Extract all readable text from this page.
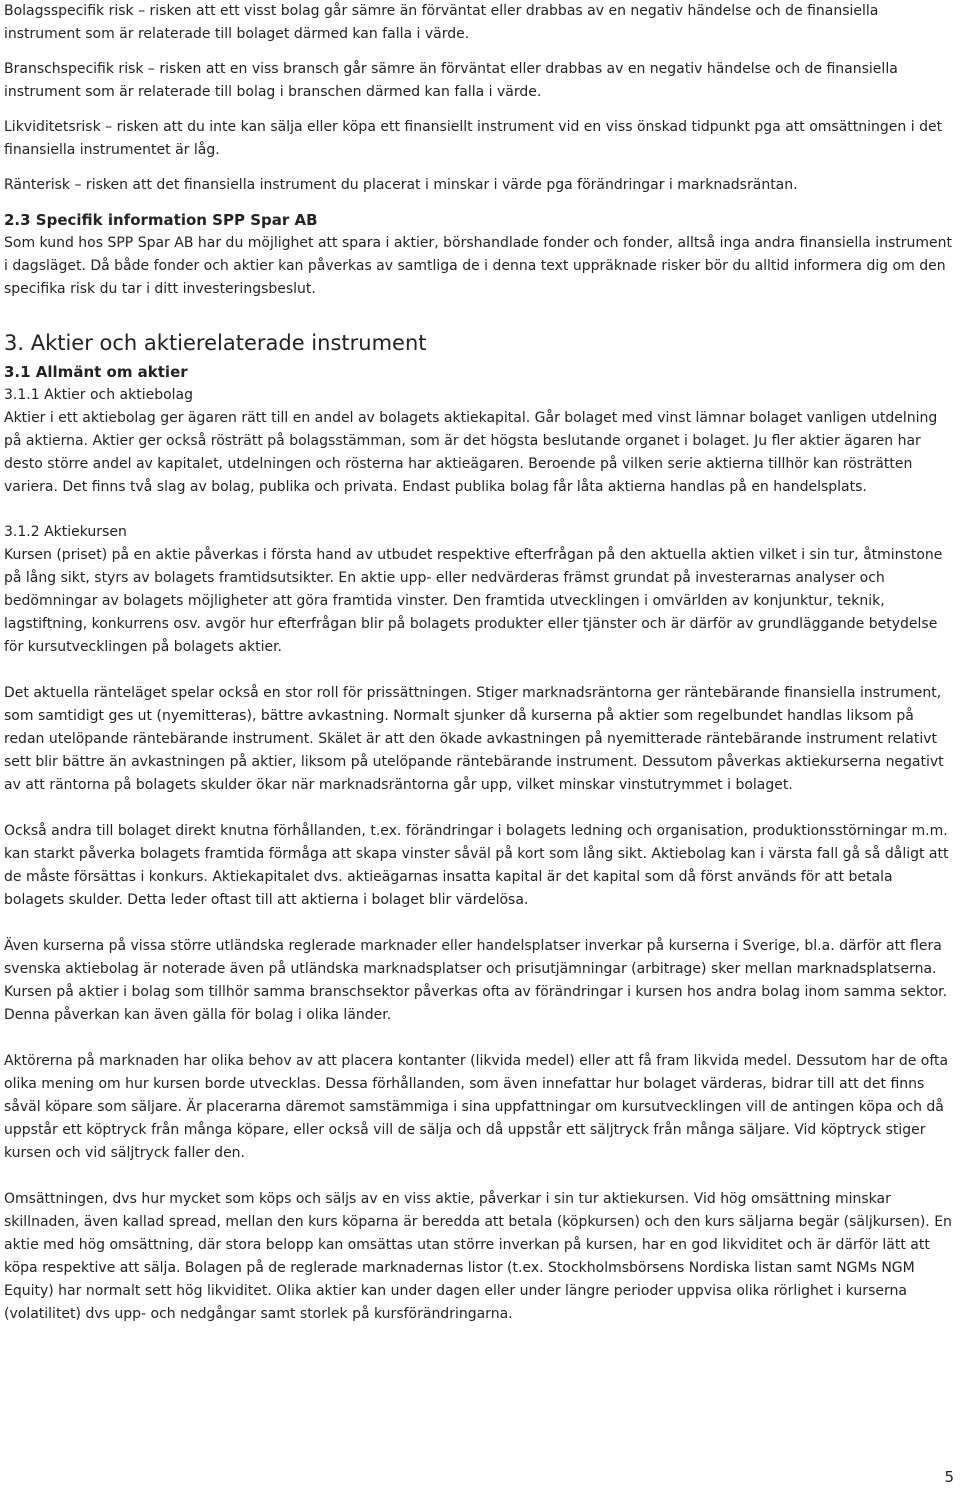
Bolagsspecifik risk – risken att ett visst bolag går sämre än förväntat eller drabbas av en negativ händelse och de finansiella instrument som är relaterade till bolaget därmed kan falla i värde.

Branschspecifik risk – risken att en viss bransch går sämre än förväntat eller drabbas av en negativ händelse och de finansiella instrument som är relaterade till bolag i branschen därmed kan falla i värde.

Likviditetsrisk – risken att du inte kan sälja eller köpa ett finansiellt instrument vid en viss önskad tidpunkt pga att omsättningen i det finansiella instrumentet är låg.

Ränterisk – risken att det finansiella instrument du placerat i minskar i värde pga förändringar i marknadsräntan.

2.3 Specifik information SPP Spar AB

Som kund hos SPP Spar AB har du möjlighet att spara i aktier, börshandlade fonder och fonder, alltså inga andra finansiella instrument i dagsläget. Då både fonder och aktier kan påverkas av samtliga de i denna text uppräknade risker bör du alltid informera dig om den specifika risk du tar i ditt investeringsbeslut.

3. Aktier och aktierelaterade instrument
3.1 Allmänt om aktier
3.1.1 Aktier och aktiebolag

Aktier i ett aktiebolag ger ägaren rätt till en andel av bolagets aktiekapital. Går bolaget med vinst lämnar bolaget vanligen utdelning på aktierna. Aktier ger också rösträtt på bolagsstämman, som är det högsta beslutande organet i bolaget. Ju fler aktier ägaren har desto större andel av kapitalet, utdelningen och rösterna har aktieägaren. Beroende på vilken serie aktierna tillhör kan rösträtten variera. Det finns två slag av bolag, publika och privata. Endast publika bolag får låta aktierna handlas på en handelsplats.

3.1.2 Aktiekursen

Kursen (priset) på en aktie påverkas i första hand av utbudet respektive efterfrågan på den aktuella aktien vilket i sin tur, åtminstone på lång sikt, styrs av bolagets framtidsutsikter. En aktie upp- eller nedvärderas främst grundat på investerarnas analyser och bedömningar av bolagets möjligheter att göra framtida vinster. Den framtida utvecklingen i omvärlden av konjunktur, teknik, lagstiftning, konkurrens osv. avgör hur efterfrågan blir på bolagets produkter eller tjänster och är därför av grundläggande betydelse för kursutvecklingen på bolagets aktier.

Det aktuella ränteläget spelar också en stor roll för prissättningen. Stiger marknadsräntorna ger räntebärande finansiella instrument, som samtidigt ges ut (nyemitteras), bättre avkastning. Normalt sjunker då kurserna på aktier som regelbundet handlas liksom på redan utelöpande räntebärande instrument. Skälet är att den ökade avkastningen på nyemitterade räntebärande instrument relativt sett blir bättre än avkastningen på aktier, liksom på utelöpande räntebärande instrument. Dessutom påverkas aktiekurserna negativt av att räntorna på bolagets skulder ökar när marknadsräntorna går upp, vilket minskar vinstutrymmet i bolaget.

Också andra till bolaget direkt knutna förhållanden, t.ex. förändringar i bolagets ledning och organisation, produktionsstörningar m.m. kan starkt påverka bolagets framtida förmåga att skapa vinster såväl på kort som lång sikt. Aktiebolag kan i värsta fall gå så dåligt att de måste försättas i konkurs. Aktiekapitalet dvs. aktieägarnas insatta kapital är det kapital som då först används för att betala bolagets skulder. Detta leder oftast till att aktierna i bolaget blir värdelösa.

Även kurserna på vissa större utländska reglerade marknader eller handelsplatser inverkar på kurserna i Sverige, bl.a. därför att flera svenska aktiebolag är noterade även på utländska marknadsplatser och prisutjämningar (arbitrage) sker mellan marknadsplatserna. Kursen på aktier i bolag som tillhör samma branschsektor påverkas ofta av förändringar i kursen hos andra bolag inom samma sektor. Denna påverkan kan även gälla för bolag i olika länder.

Aktörerna på marknaden har olika behov av att placera kontanter (likvida medel) eller att få fram likvida medel. Dessutom har de ofta olika mening om hur kursen borde utvecklas. Dessa förhållanden, som även innefattar hur bolaget värderas, bidrar till att det finns såväl köpare som säljare. Är placerarna däremot samstämmiga i sina uppfattningar om kursutvecklingen vill de antingen köpa och då uppstår ett köptryck från många köpare, eller också vill de sälja och då uppstår ett säljtryck från många säljare. Vid köptryck stiger kursen och vid säljtryck faller den.

Omsättningen, dvs hur mycket som köps och säljs av en viss aktie, påverkar i sin tur aktiekursen. Vid hög omsättning minskar skillnaden, även kallad spread, mellan den kurs köparna är beredda att betala (köpkursen) och den kurs säljarna begär (säljkursen). En aktie med hög omsättning, där stora belopp kan omsättas utan större inverkan på kursen, har en god likviditet och är därför lätt att köpa respektive att sälja. Bolagen på de reglerade marknadernas listor (t.ex. Stockholmsbörsens Nordiska listan samt NGMs NGM Equity) har normalt sett hög likviditet. Olika aktier kan under dagen eller under längre perioder uppvisa olika rörlighet i kurserna (volatilitet) dvs upp- och nedgångar samt storlek på kursförändringarna.

5
